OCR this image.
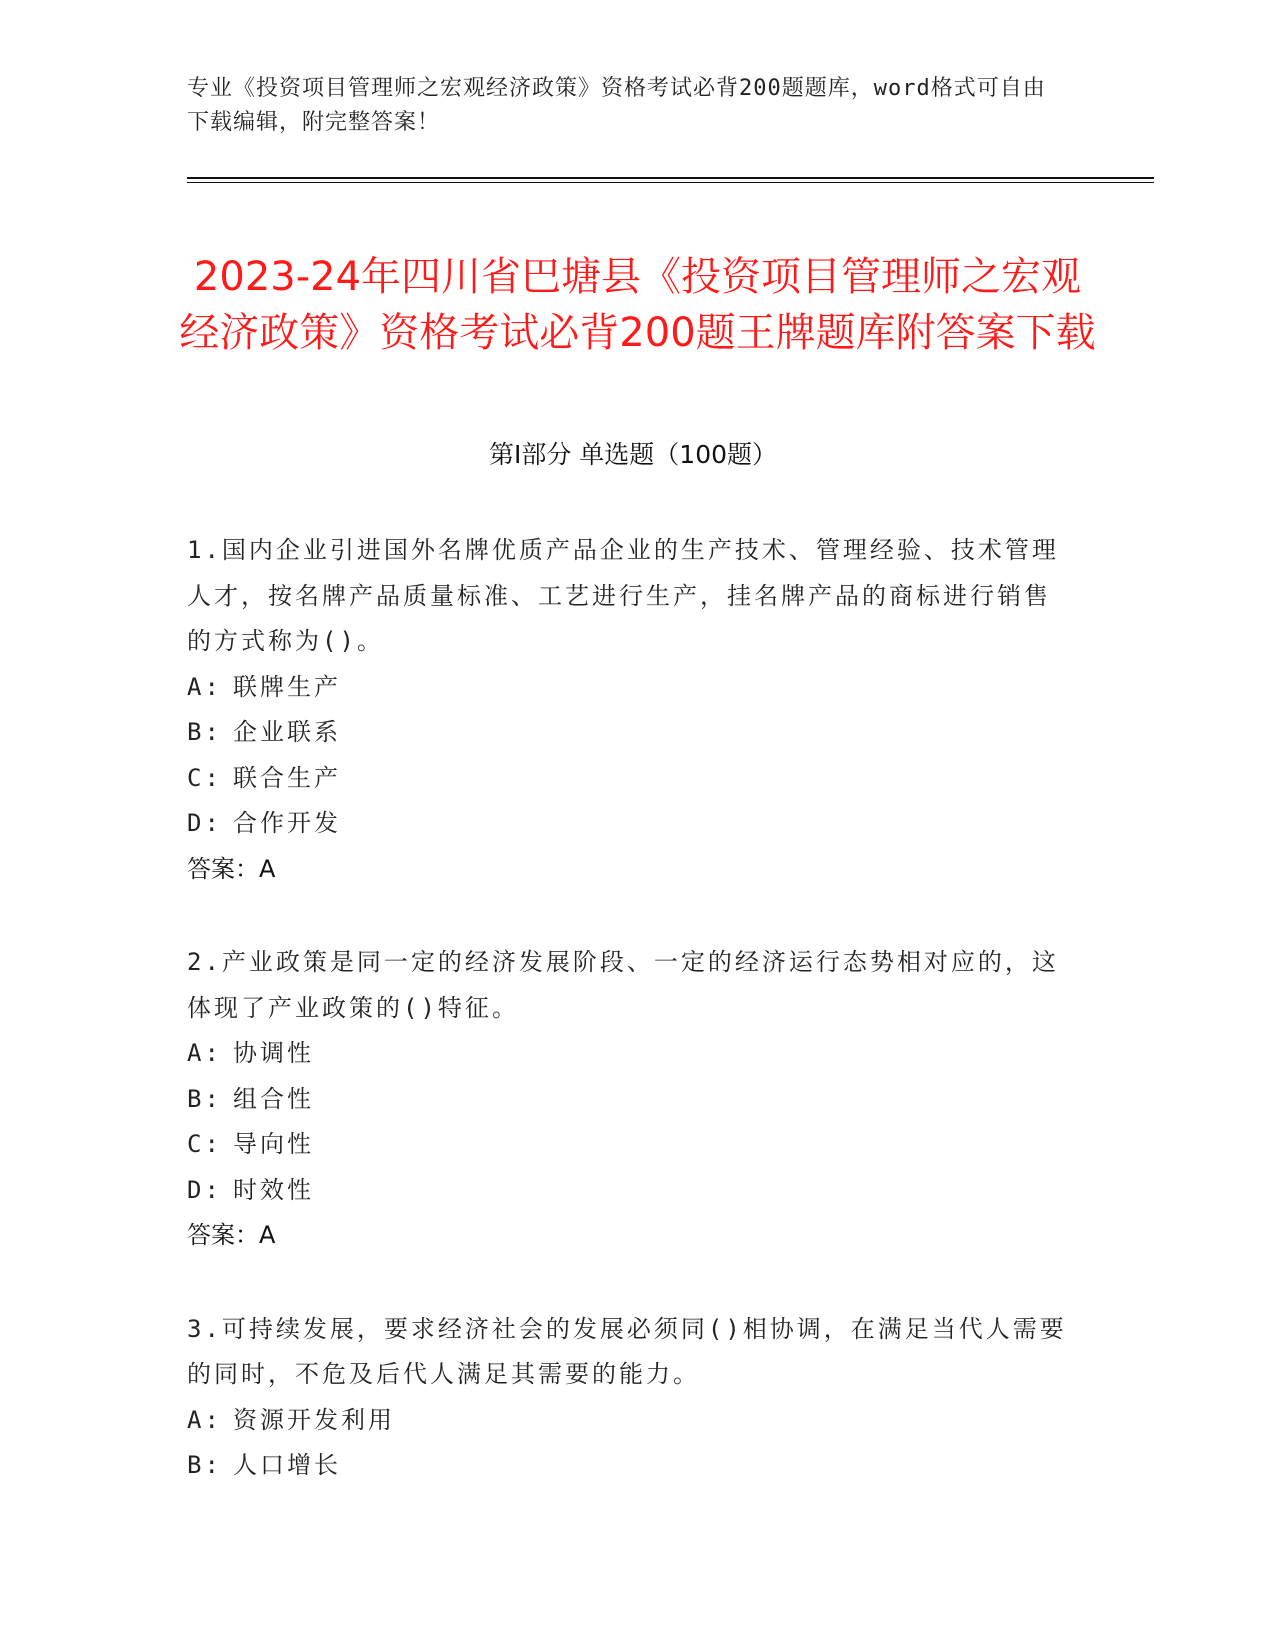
专业《投资项目管理师之宏观经济政策》资格考试必背200题题库，word格式可自由下载编辑，附完整答案！
2023-24年四川省巴塘县《投资项目管理师之宏观经济政策》资格考试必背200题王牌题库附答案下载
第I部分 单选题（100题）

1.国内企业引进国外名牌优质产品企业的生产技术、管理经验、技术管理人才，按名牌产品质量标准、工艺进行生产，挂名牌产品的商标进行销售的方式称为()。

A: 联牌生产
B: 企业联系
C: 联合生产
D: 合作开发
答案：A

2.产业政策是同一定的经济发展阶段、一定的经济运行态势相对应的，这体现了产业政策的()特征。

A: 协调性
B: 组合性
C: 导向性
D: 时效性
答案：A

3.可持续发展，要求经济社会的发展必须同()相协调，在满足当代人需要的同时，不危及后代人满足其需要的能力。

A: 资源开发利用
B: 人口增长
